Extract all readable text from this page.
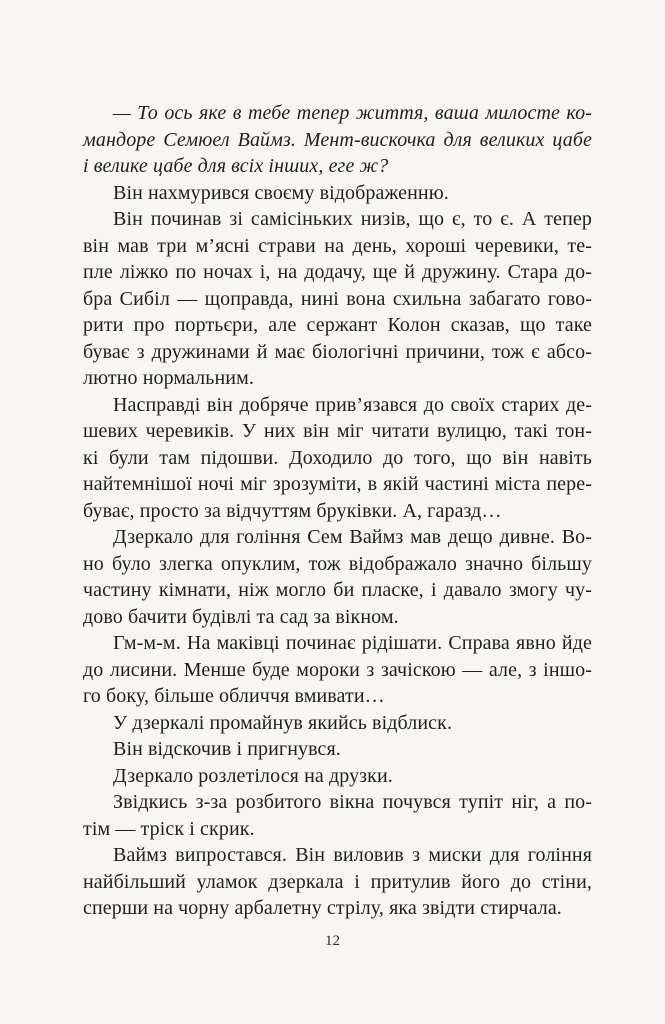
— То ось яке в тебе тепер життя, ваша милосте ко-
мандоре Семюел Ваймз. Мент-вискочка для великих цабе
і велике цабе для всіх інших, еге ж?
Він нахмурився своєму відображенню.
Він починав зі самісіньких низів, що є, то є. А тепер
він мав три м’ясні страви на день, хороші черевики, те-
пле ліжко по ночах і, на додачу, ще й дружину. Стара до-
бра Сибіл — щоправда, нині вона схильна забагато гово-
рити про портьєри, але сержант Колон сказав, що таке
буває з дружинами й має біологічні причини, тож є абсо-
лютно нормальним.
Насправді він добряче прив’язався до своїх старих де-
шевих черевиків. У них він міг читати вулицю, такі тон-
кі були там підошви. Доходило до того, що він навіть
найтемнішої ночі міг зрозуміти, в якій частині міста пере-
буває, просто за відчуттям бруківки. А, гаразд…
Дзеркало для гоління Сем Ваймз мав дещо дивне. Во-
но було злегка опуклим, тож відображало значно більшу
частину кімнати, ніж могло би пласке, і давало змогу чу-
дово бачити будівлі та сад за вікном.
Гм-м-м. На маківці починає рідішати. Справа явно йде
до лисини. Менше буде мороки з зачіскою — але, з іншо-
го боку, більше обличчя вмивати…
У дзеркалі промайнув якийсь відблиск.
Він відскочив і пригнувся.
Дзеркало розлетілося на друзки.
Звідкись з-за розбитого вікна почувся тупіт ніг, а по-
тім — тріск і скрик.
Ваймз випростався. Він виловив з миски для гоління
найбільший уламок дзеркала і притулив його до стіни,
сперши на чорну арбалетну стрілу, яка звідти стирчала.
12
